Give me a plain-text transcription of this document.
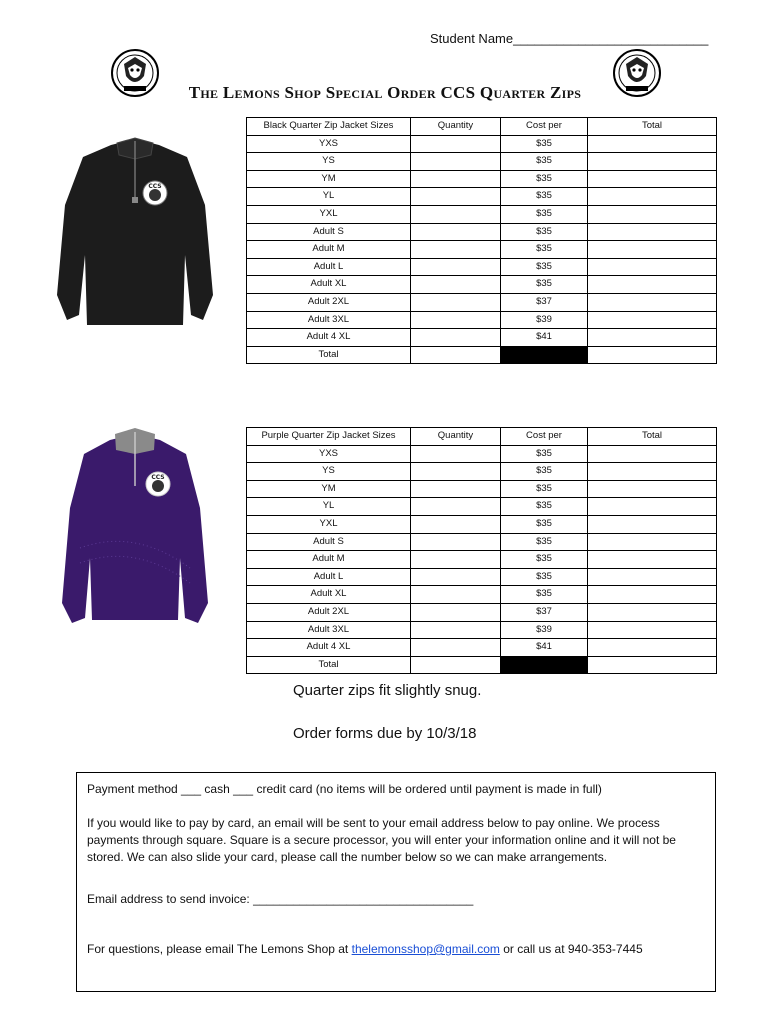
Student Name___________________________
The Lemons Shop Special Order CCS Quarter Zips
CCS
Black Quarter Zip Jacket Sizes	Quantity	Cost per	Total
YXS		$35	
YS		$35	
YM		$35	
YL		$35	
YXL		$35	
Adult S		$35	
Adult M		$35	
Adult L		$35	
Adult XL		$35	
Adult 2XL		$37	
Adult 3XL		$39	
Adult 4 XL		$41	
Total			
CCS
Purple Quarter Zip Jacket Sizes	Quantity	Cost per	Total
YXS		$35	
YS		$35	
YM		$35	
YL		$35	
YXL		$35	
Adult S		$35	
Adult M		$35	
Adult L		$35	
Adult XL		$35	
Adult 2XL		$37	
Adult 3XL		$39	
Adult 4 XL		$41	
Total			
Quarter zips fit slightly snug.
Order forms due by 10/3/18

Payment method ___ cash ___ credit card (no items will be ordered until payment is made in full)

If you would like to pay by card, an email will be sent to your email address below to pay online. We process payments through square. Square is a secure processor, you will enter your information online and it will not be stored. We can also slide your card, please call the number below so we can make arrangements.

Email address to send invoice: _________________________________

For questions, please email The Lemons Shop at thelemonsshop@gmail.com or call us at 940-353-7445
